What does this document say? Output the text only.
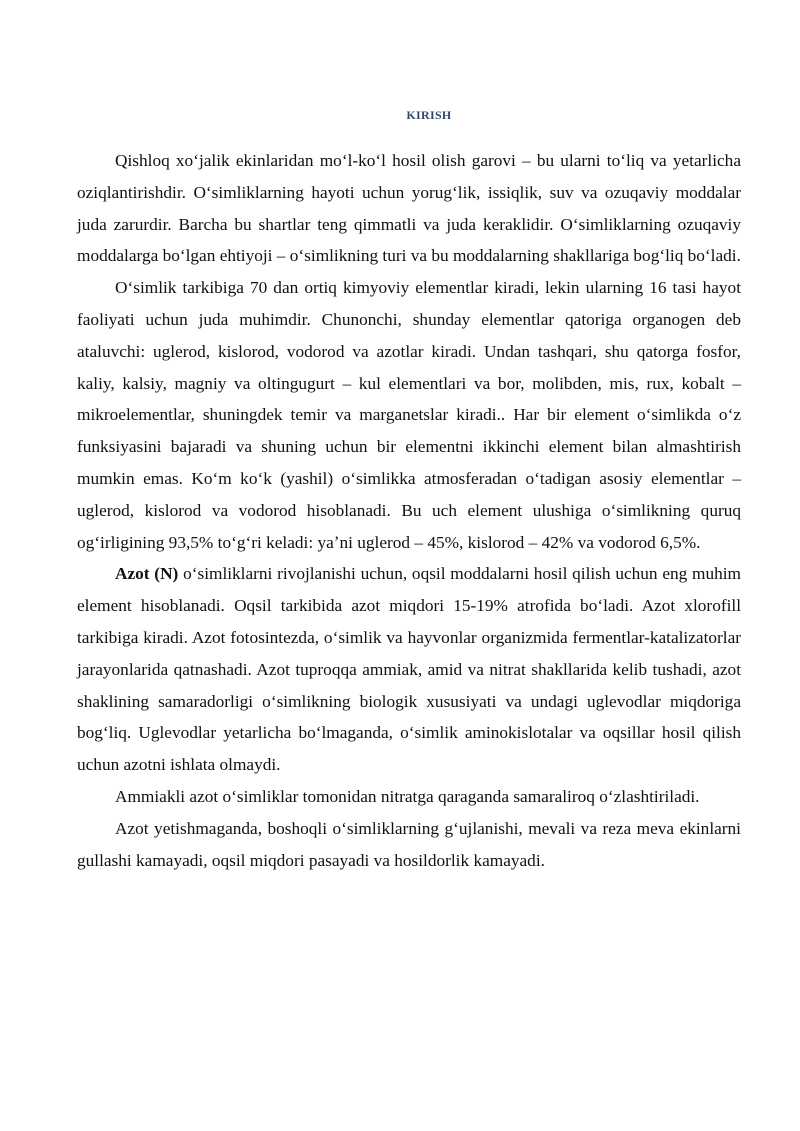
KIRISH

Qishloq xoʻjalik ekinlaridan moʻl-koʻl hosil olish garovi – bu ularni toʻliq va yetarlicha oziqlantirishdir. Oʻsimliklarning hayoti uchun yorugʻlik, issiqlik, suv va ozuqaviy moddalar juda zarurdir. Barcha bu shartlar teng qimmatli va juda keraklidir. Oʻsimliklarning ozuqaviy moddalarga boʻlgan ehtiyoji – oʻsimlikning turi va bu moddalarning shakllariga bogʻliq boʻladi.

Oʻsimlik tarkibiga 70 dan ortiq kimyoviy elementlar kiradi, lekin ularning 16 tasi hayot faoliyati uchun juda muhimdir. Chunonchi, shunday elementlar qatoriga organogen deb ataluvchi: uglerod, kislorod, vodorod va azotlar kiradi. Undan tashqari, shu qatorga fosfor, kaliy, kalsiy, magniy va oltingugurt – kul elementlari va bor, molibden, mis, rux, kobalt – mikroelementlar, shuningdek temir va marganetslar kiradi.. Har bir element oʻsimlikda oʻz funksiyasini bajaradi va shuning uchun bir elementni ikkinchi element bilan almashtirish mumkin emas. Koʻm koʻk (yashil) oʻsimlikka atmosferadan oʻtadigan asosiy elementlar – uglerod, kislorod va vodorod hisoblanadi. Bu uch element ulushiga oʻsimlikning quruq ogʻirligining 93,5% toʻgʻri keladi: yaʼni uglerod – 45%, kislorod – 42% va vodorod 6,5%.

Azot (N) oʻsimliklarni rivojlanishi uchun, oqsil moddalarni hosil qilish uchun eng muhim element hisoblanadi. Oqsil tarkibida azot miqdori 15-19% atrofida boʻladi. Azot xlorofill tarkibiga kiradi. Azot fotosintezda, oʻsimlik va hayvonlar organizmida fermentlar-katalizatorlar jarayonlarida qatnashadi. Azot tuproqqa ammiak, amid va nitrat shakllarida kelib tushadi, azot shaklining samaradorligi oʻsimlikning biologik xususiyati va undagi uglevodlar miqdoriga bogʻliq. Uglevodlar yetarlicha boʻlmaganda, oʻsimlik aminokislotalar va oqsillar hosil qilish uchun azotni ishlata olmaydi.

Ammiakli azot oʻsimliklar tomonidan nitratga qaraganda samaraliroq oʻzlashtiriladi.

Azot yetishmaganda, boshoqli oʻsimliklarning gʻujlanishi, mevali va reza meva ekinlarni gullashi kamayadi, oqsil miqdori pasayadi va hosildorlik kamayadi.
